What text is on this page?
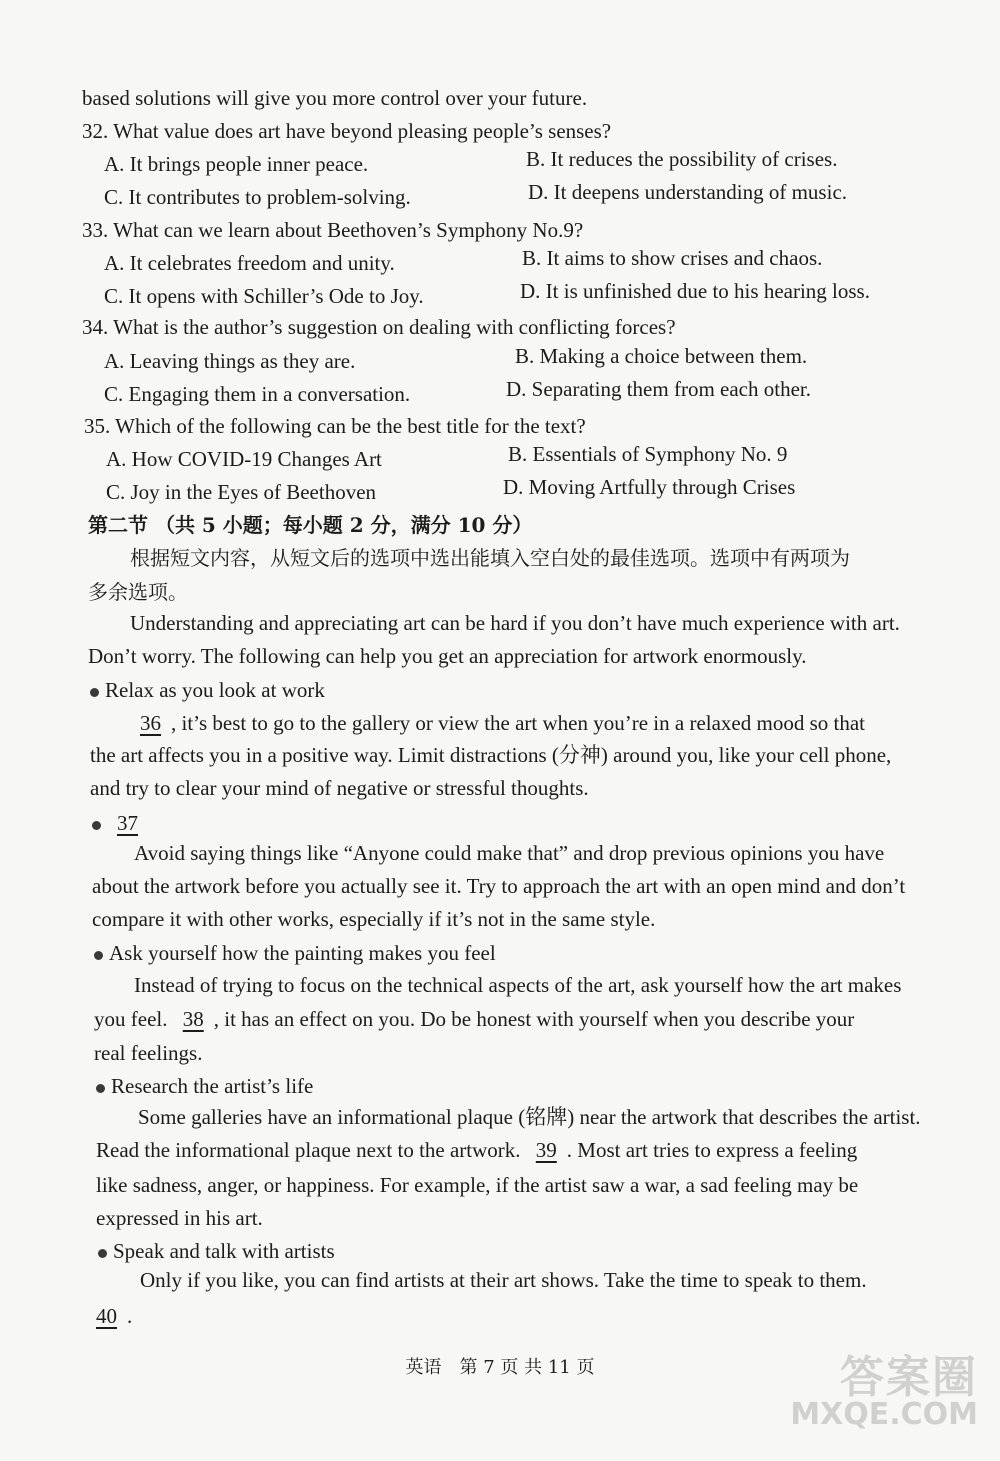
based solutions will give you more control over your future.
32. What value does art have beyond pleasing people’s senses?
A. It brings people inner peace.	B. It reduces the possibility of crises.
C. It contributes to problem-solving.	D. It deepens understanding of music.
33. What can we learn about Beethoven’s Symphony No.9?
A. It celebrates freedom and unity.	B. It aims to show crises and chaos.
C. It opens with Schiller’s Ode to Joy.	D. It is unfinished due to his hearing loss.
34. What is the author’s suggestion on dealing with conflicting forces?
A. Leaving things as they are.	B. Making a choice between them.
C. Engaging them in a conversation.	D. Separating them from each other.
35. Which of the following can be the best title for the text?
A. How COVID-19 Changes Art	B. Essentials of Symphony No. 9
C. Joy in the Eyes of Beethoven	D. Moving Artfully through Crises
第二节 （共 5 小题；每小题 2 分，满分 10 分）
根据短文内容，从短文后的选项中选出能填入空白处的最佳选项。选项中有两项为
多余选项。
Understanding and appreciating art can be hard if you don’t have much experience with art.
Don’t worry. The following can help you get an appreciation for artwork enormously.
Relax as you look at work
36 , it’s best to go to the gallery or view the art when you’re in a relaxed mood so that
the art affects you in a positive way. Limit distractions (分神) around you, like your cell phone,
and try to clear your mind of negative or stressful thoughts.
37
Avoid saying things like “Anyone could make that” and drop previous opinions you have
about the artwork before you actually see it. Try to approach the art with an open mind and don’t
compare it with other works, especially if it’s not in the same style.
Ask yourself how the painting makes you feel
Instead of trying to focus on the technical aspects of the art, ask yourself how the art makes
you feel. 38 , it has an effect on you. Do be honest with yourself when you describe your
real feelings.
Research the artist’s life
Some galleries have an informational plaque (铭牌) near the artwork that describes the artist.
Read the informational plaque next to the artwork. 39 . Most art tries to express a feeling
like sadness, anger, or happiness. For example, if the artist saw a war, a sad feeling may be
expressed in his art.
Speak and talk with artists
Only if you like, you can find artists at their art shows. Take the time to speak to them.
40 .
英语　第 7 页 共 11 页	答案圈
MXQE.COM
